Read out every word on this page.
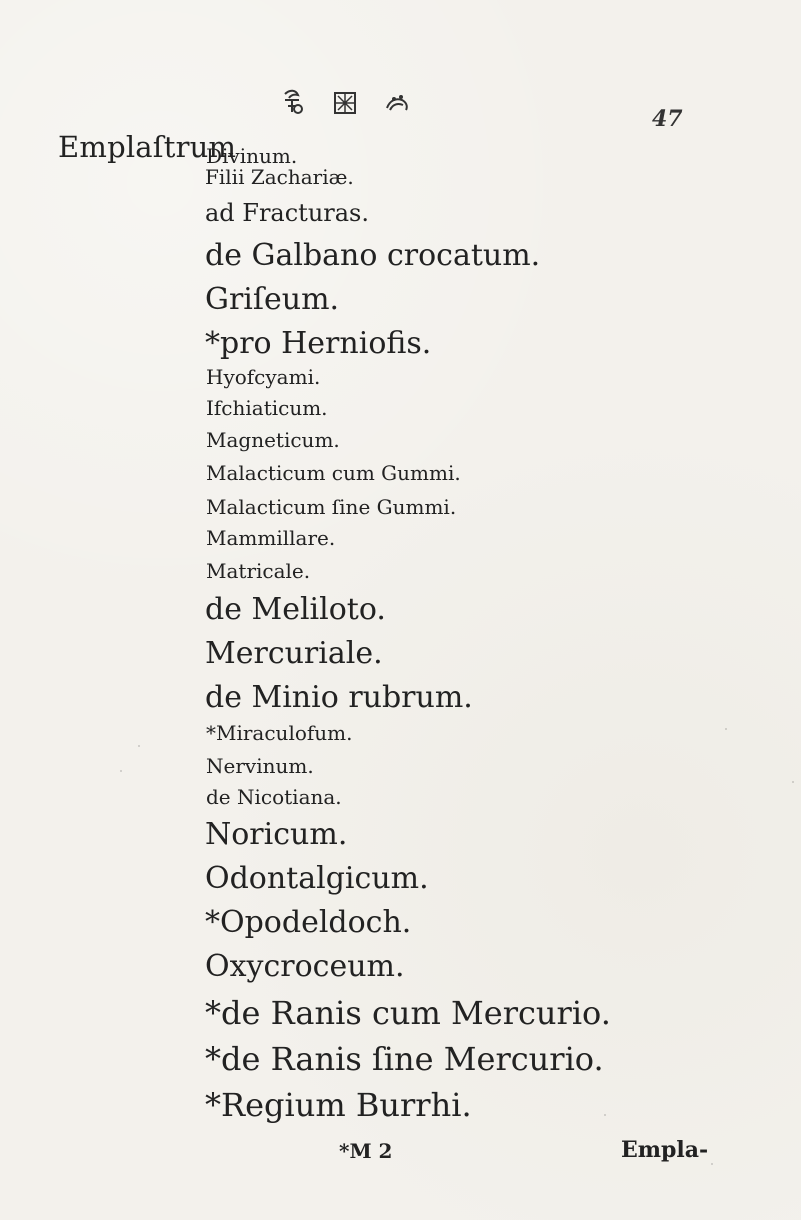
47
Emplaſtrum
Divinum.
Filii Zachariæ.
ad Fracturas.
de Galbano crocatum.
Griſeum.
*pro Herniofis.
Hyofcyami.
Ifchiaticum.
Magneticum.
Malacticum cum Gummi.
Malacticum ſine Gummi.
Mammillare.
Matricale.
de Meliloto.
Mercuriale.
de Minio rubrum.
*Miraculofum.
Nervinum.
de Nicotiana.
Noricum.
Odontalgicum.
*Opodeldoch.
Oxycroceum.
*de Ranis cum Mercurio.
*de Ranis ſine Mercurio.
*Regium Burrhi.
*M 2	Empla-
